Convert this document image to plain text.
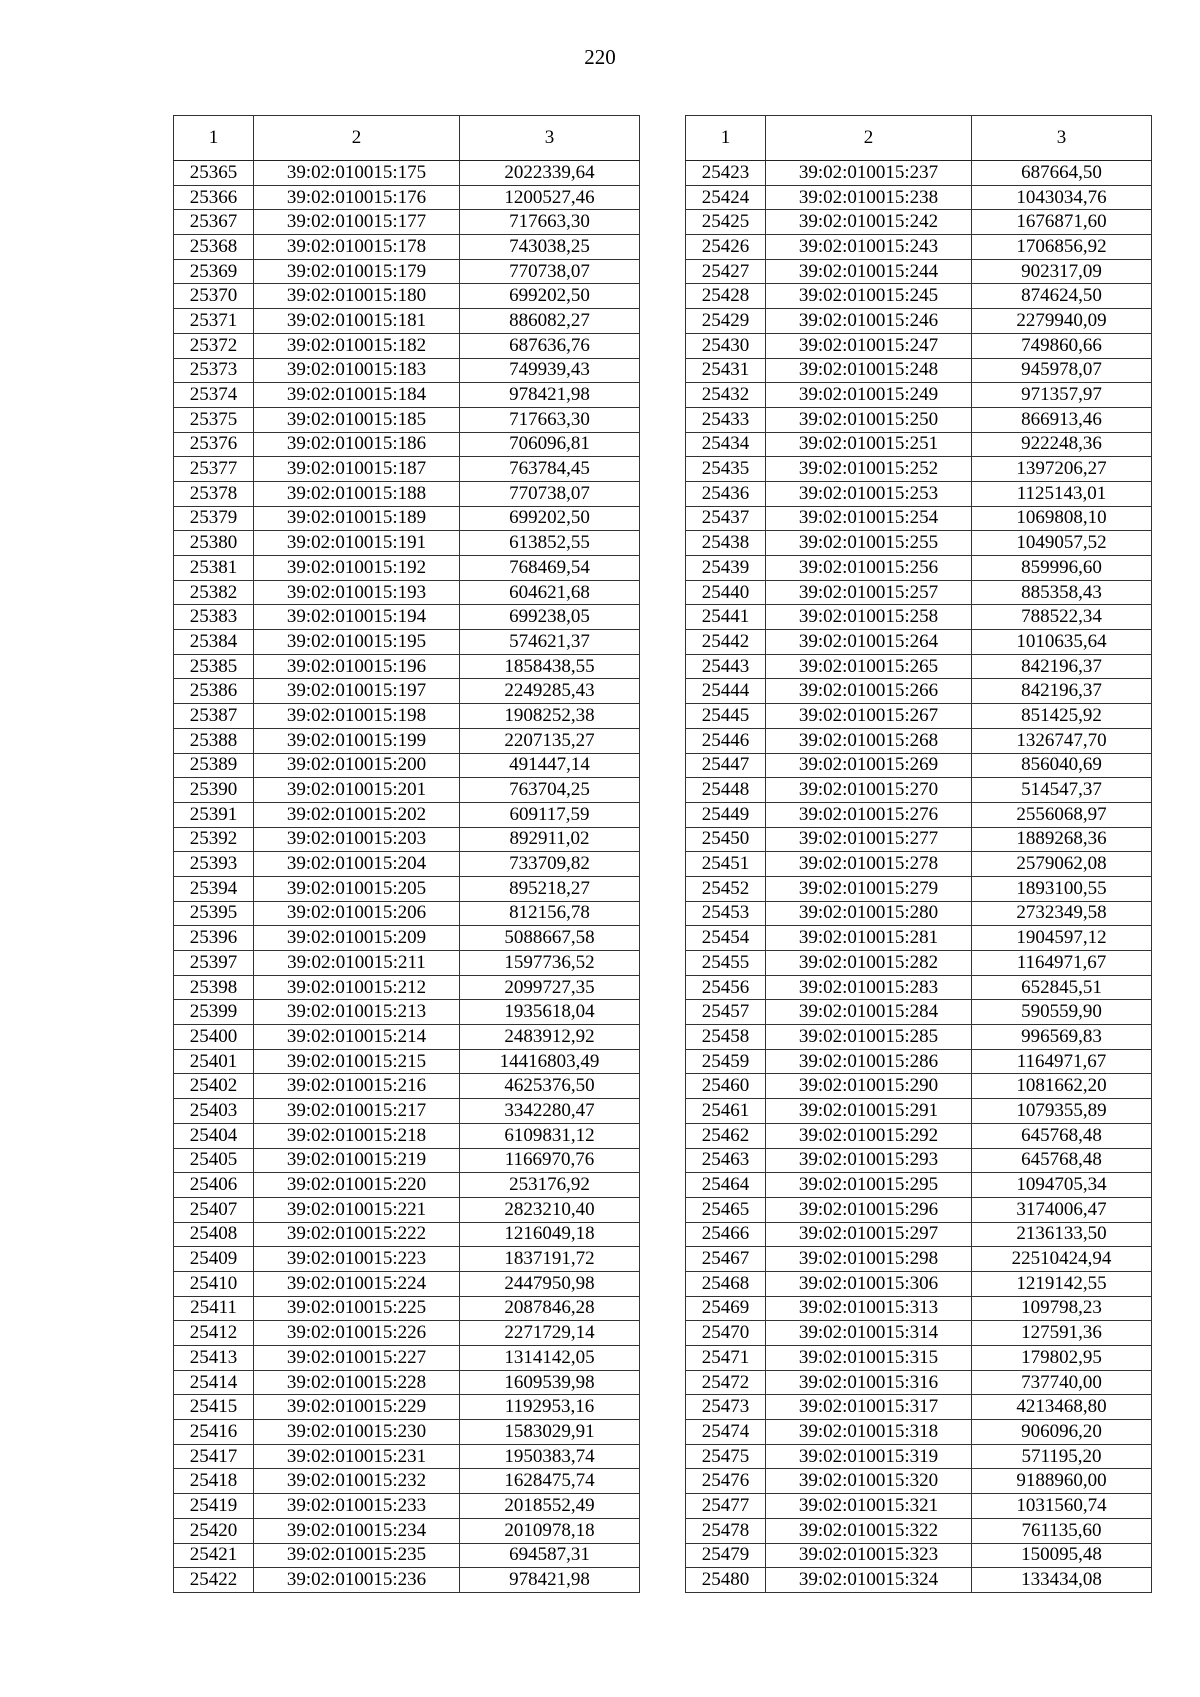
220
1	2	3
25365	39:02:010015:175	2022339,64
25366	39:02:010015:176	1200527,46
25367	39:02:010015:177	717663,30
25368	39:02:010015:178	743038,25
25369	39:02:010015:179	770738,07
25370	39:02:010015:180	699202,50
25371	39:02:010015:181	886082,27
25372	39:02:010015:182	687636,76
25373	39:02:010015:183	749939,43
25374	39:02:010015:184	978421,98
25375	39:02:010015:185	717663,30
25376	39:02:010015:186	706096,81
25377	39:02:010015:187	763784,45
25378	39:02:010015:188	770738,07
25379	39:02:010015:189	699202,50
25380	39:02:010015:191	613852,55
25381	39:02:010015:192	768469,54
25382	39:02:010015:193	604621,68
25383	39:02:010015:194	699238,05
25384	39:02:010015:195	574621,37
25385	39:02:010015:196	1858438,55
25386	39:02:010015:197	2249285,43
25387	39:02:010015:198	1908252,38
25388	39:02:010015:199	2207135,27
25389	39:02:010015:200	491447,14
25390	39:02:010015:201	763704,25
25391	39:02:010015:202	609117,59
25392	39:02:010015:203	892911,02
25393	39:02:010015:204	733709,82
25394	39:02:010015:205	895218,27
25395	39:02:010015:206	812156,78
25396	39:02:010015:209	5088667,58
25397	39:02:010015:211	1597736,52
25398	39:02:010015:212	2099727,35
25399	39:02:010015:213	1935618,04
25400	39:02:010015:214	2483912,92
25401	39:02:010015:215	14416803,49
25402	39:02:010015:216	4625376,50
25403	39:02:010015:217	3342280,47
25404	39:02:010015:218	6109831,12
25405	39:02:010015:219	1166970,76
25406	39:02:010015:220	253176,92
25407	39:02:010015:221	2823210,40
25408	39:02:010015:222	1216049,18
25409	39:02:010015:223	1837191,72
25410	39:02:010015:224	2447950,98
25411	39:02:010015:225	2087846,28
25412	39:02:010015:226	2271729,14
25413	39:02:010015:227	1314142,05
25414	39:02:010015:228	1609539,98
25415	39:02:010015:229	1192953,16
25416	39:02:010015:230	1583029,91
25417	39:02:010015:231	1950383,74
25418	39:02:010015:232	1628475,74
25419	39:02:010015:233	2018552,49
25420	39:02:010015:234	2010978,18
25421	39:02:010015:235	694587,31
25422	39:02:010015:236	978421,98
1	2	3
25423	39:02:010015:237	687664,50
25424	39:02:010015:238	1043034,76
25425	39:02:010015:242	1676871,60
25426	39:02:010015:243	1706856,92
25427	39:02:010015:244	902317,09
25428	39:02:010015:245	874624,50
25429	39:02:010015:246	2279940,09
25430	39:02:010015:247	749860,66
25431	39:02:010015:248	945978,07
25432	39:02:010015:249	971357,97
25433	39:02:010015:250	866913,46
25434	39:02:010015:251	922248,36
25435	39:02:010015:252	1397206,27
25436	39:02:010015:253	1125143,01
25437	39:02:010015:254	1069808,10
25438	39:02:010015:255	1049057,52
25439	39:02:010015:256	859996,60
25440	39:02:010015:257	885358,43
25441	39:02:010015:258	788522,34
25442	39:02:010015:264	1010635,64
25443	39:02:010015:265	842196,37
25444	39:02:010015:266	842196,37
25445	39:02:010015:267	851425,92
25446	39:02:010015:268	1326747,70
25447	39:02:010015:269	856040,69
25448	39:02:010015:270	514547,37
25449	39:02:010015:276	2556068,97
25450	39:02:010015:277	1889268,36
25451	39:02:010015:278	2579062,08
25452	39:02:010015:279	1893100,55
25453	39:02:010015:280	2732349,58
25454	39:02:010015:281	1904597,12
25455	39:02:010015:282	1164971,67
25456	39:02:010015:283	652845,51
25457	39:02:010015:284	590559,90
25458	39:02:010015:285	996569,83
25459	39:02:010015:286	1164971,67
25460	39:02:010015:290	1081662,20
25461	39:02:010015:291	1079355,89
25462	39:02:010015:292	645768,48
25463	39:02:010015:293	645768,48
25464	39:02:010015:295	1094705,34
25465	39:02:010015:296	3174006,47
25466	39:02:010015:297	2136133,50
25467	39:02:010015:298	22510424,94
25468	39:02:010015:306	1219142,55
25469	39:02:010015:313	109798,23
25470	39:02:010015:314	127591,36
25471	39:02:010015:315	179802,95
25472	39:02:010015:316	737740,00
25473	39:02:010015:317	4213468,80
25474	39:02:010015:318	906096,20
25475	39:02:010015:319	571195,20
25476	39:02:010015:320	9188960,00
25477	39:02:010015:321	1031560,74
25478	39:02:010015:322	761135,60
25479	39:02:010015:323	150095,48
25480	39:02:010015:324	133434,08
